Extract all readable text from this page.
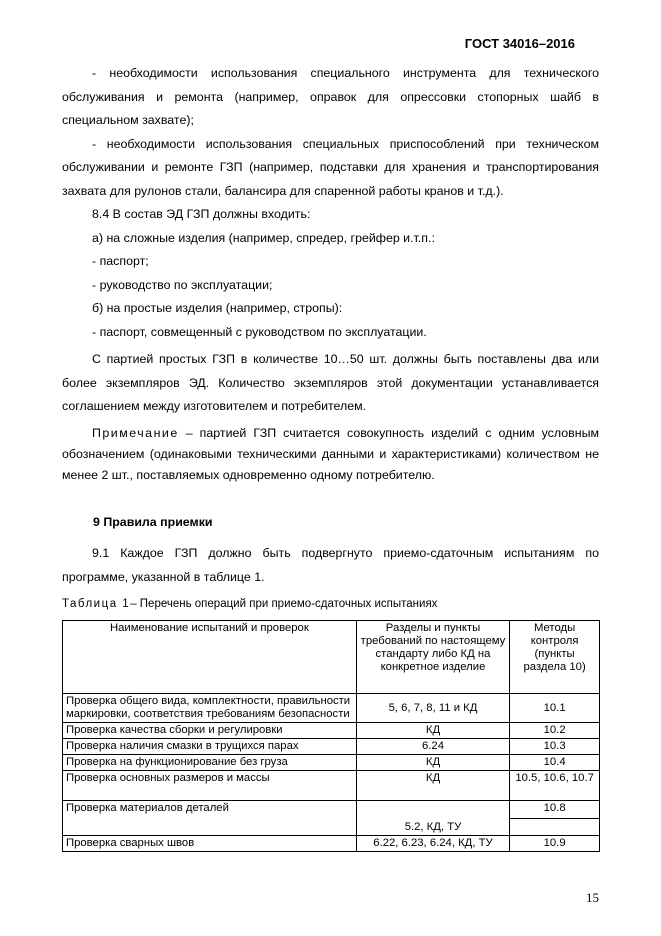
ГОСТ 34016–2016

- необходимости использования специального инструмента для технического обслуживания и ремонта (например, оправок для опрессовки стопорных шайб в специальном захвате);

- необходимости использования специальных приспособлений при техническом обслуживании и ремонте ГЗП (например, подставки для хранения и транспортирования захвата для рулонов стали, балансира для спаренной работы кранов и т.д.).

8.4 В состав ЭД ГЗП должны входить:

а) на сложные изделия (например, спредер, грейфер и.т.п.:

- паспорт;

- руководство по эксплуатации;

б) на простые изделия (например, стропы):

- паспорт, совмещенный с руководством по эксплуатации.

С партией простых ГЗП в количестве 10…50 шт. должны быть поставлены два или более экземпляров ЭД. Количество экземпляров этой документации устанавливается соглашением между изготовителем и потребителем.

Примечание – партией ГЗП считается совокупность изделий с одним условным обозначением (одинаковыми техническими данными и характеристиками) количеством не менее 2 шт., поставляемых одновременно одному потребителю.

9 Правила приемки

9.1 Каждое ГЗП должно быть подвергнуто приемо-сдаточным испытаниям по программе, указанной в таблице 1.

Таблица 1– Перечень операций при приемо-сдаточных испытаниях
Наименование испытаний и проверок	Разделы и пункты требований по настоящему стандарту либо КД на конкретное изделие	Методы контроля (пункты раздела 10)
Проверка общего вида, комплектности, правильности маркировки, соответствия требованиям безопасности	5, 6, 7, 8, 11 и КД	10.1
Проверка качества сборки и регулировки	КД	10.2
Проверка наличия смазки в трущихся парах	6.24	10.3
Проверка на функционирование без груза	КД	10.4
Проверка основных размеров и массы	КД	10.5, 10.6, 10.7
Проверка материалов деталей	5.2, КД, ТУ	10.8

Проверка сварных швов	6.22, 6.23, 6.24, КД, ТУ	10.9
15
